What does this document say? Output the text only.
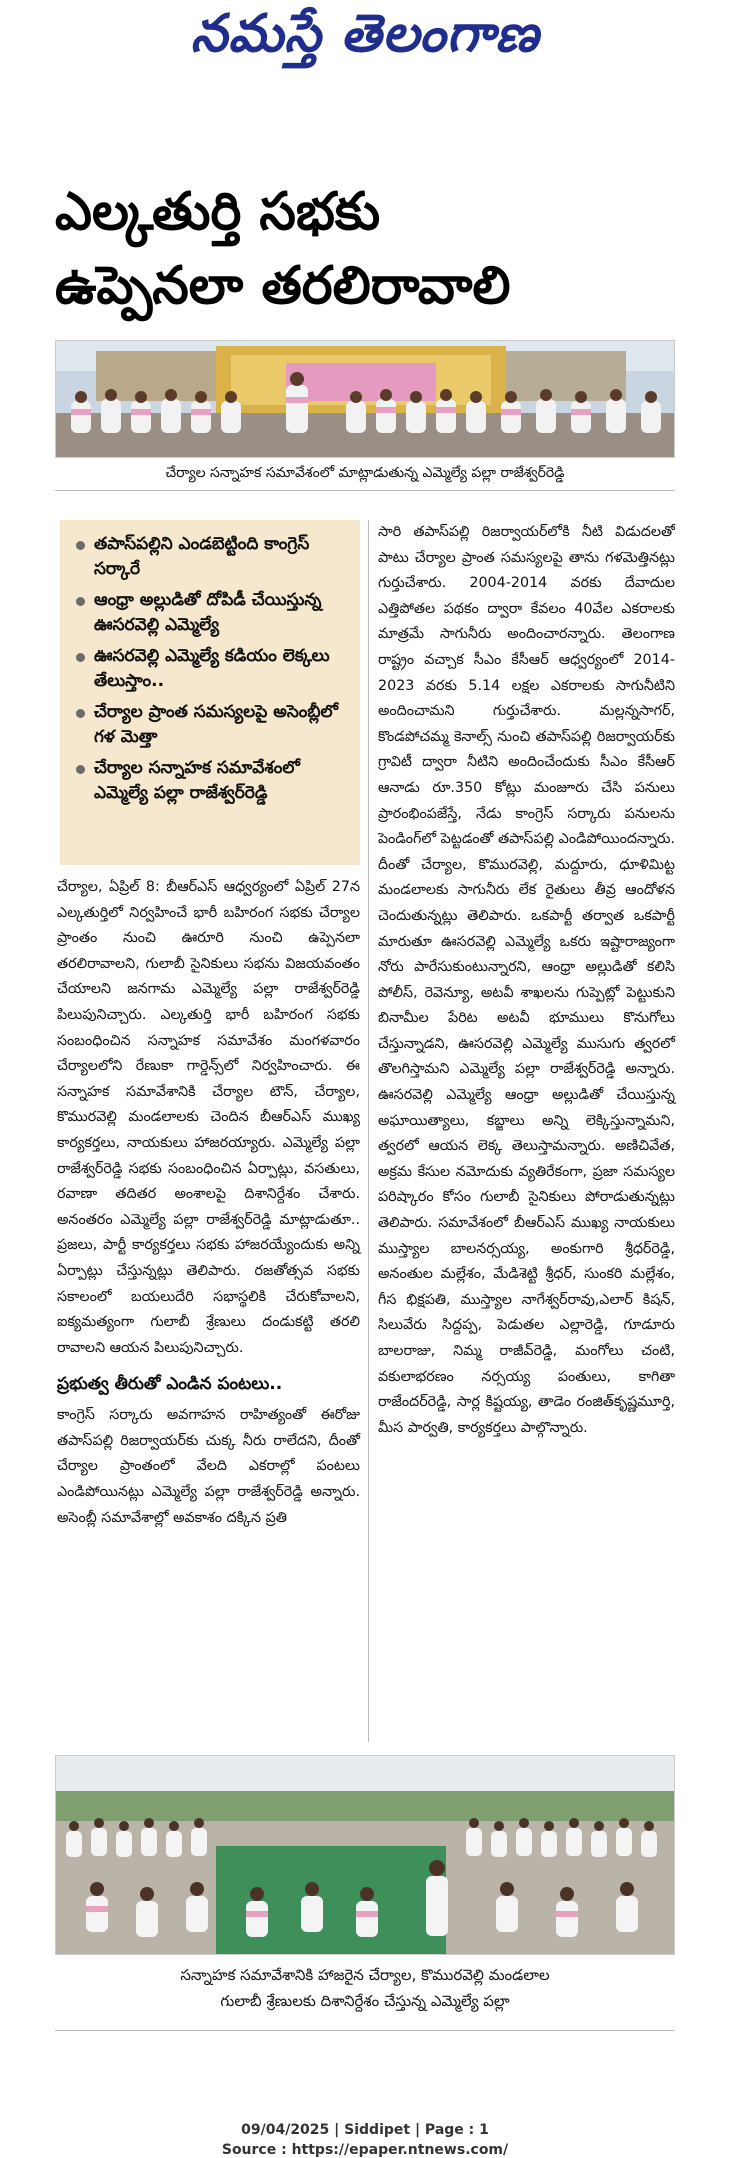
నమస్తే తెలంగాణ
ఎల్కతుర్తి సభకు
ఉప్పెనలా తరలిరావాలి
చేర్యాల సన్నాహక సమావేశంలో మాట్లాడుతున్న ఎమ్మెల్యే పల్లా రాజేశ్వర్‌రెడ్డి
తపాస్‌పల్లిని ఎండబెట్టింది కాంగ్రెస్ సర్కారే
ఆంధ్రా అల్లుడితో దోపిడీ చేయిస్తున్న ఊసరవెల్లి ఎమ్మెల్యే
ఊసరవెల్లి ఎమ్మెల్యే కడియం లెక్కలు తేలుస్తాం..
చేర్యాల ప్రాంత సమస్యలపై అసెంబ్లీలో గళ మెత్తా
చేర్యాల సన్నాహక సమావేశంలో ఎమ్మెల్యే పల్లా రాజేశ్వర్‌రెడ్డి

చేర్యాల, ఏప్రిల్ 8: బీఆర్‌ఎస్ ఆధ్వర్యంలో ఏప్రిల్ 27న ఎల్కతుర్తిలో నిర్వహించే భారీ బహిరంగ సభకు చేర్యాల ప్రాంతం నుంచి ఊరూరి నుంచి ఉప్పెనలా తరలిరావాలని, గులాబీ సైనికులు సభను విజయవంతం చేయాలని జనగామ ఎమ్మెల్యే పల్లా రాజేశ్వర్‌రెడ్డి పిలుపునిచ్చారు. ఎల్కతుర్తి భారీ బహిరంగ సభకు సంబంధించిన సన్నాహక సమావేశం మంగళవారం చేర్యాలలోని రేణుకా గార్డెన్స్‌లో నిర్వహించారు. ఈ సన్నాహక సమావేశానికి చేర్యాల టౌన్, చేర్యాల, కొమురవెల్లి మండలాలకు చెందిన బీఆర్‌ఎస్ ముఖ్య కార్యకర్తలు, నాయకులు హాజరయ్యారు. ఎమ్మెల్యే పల్లా రాజేశ్వర్‌రెడ్డి సభకు సంబంధించిన ఏర్పాట్లు, వసతులు, రవాణా తదితర అంశాలపై దిశానిర్దేశం చేశారు. అనంతరం ఎమ్మెల్యే పల్లా రాజేశ్వర్‌రెడ్డి మాట్లాడుతూ.. ప్రజలు, పార్టీ కార్యకర్తలు సభకు హాజరయ్యేందుకు అన్ని ఏర్పాట్లు చేస్తున్నట్లు తెలిపారు. రజతోత్సవ సభకు సకాలంలో బయలుదేరి సభాస్థలికి చేరుకోవాలని, ఐక్యమత్యంగా గులాబీ శ్రేణులు దండుకట్టి తరలి రావాలని ఆయన పిలుపునిచ్చారు.

ప్రభుత్వ తీరుతో ఎండిన పంటలు..

కాంగ్రెస్ సర్కారు అవగాహన రాహిత్యంతో ఈరోజు తపాస్‌పల్లి రిజర్వాయర్‌కు చుక్క నీరు రాలేదని, దీంతో చేర్యాల ప్రాంతంలో వేలది ఎకరాల్లో పంటలు ఎండిపోయినట్లు ఎమ్మెల్యే పల్లా రాజేశ్వర్‌రెడ్డి అన్నారు. అసెంబ్లీ సమావేశాల్లో అవకాశం దక్కిన ప్రతి

సారి తపాస్‌పల్లి రిజర్వాయర్‌లోకి నీటి విడుదలతో పాటు చేర్యాల ప్రాంత సమస్యలపై తాను గళమెత్తినట్లు గుర్తుచేశారు. 2004-2014 వరకు దేవాదుల ఎత్తిపోతల పథకం ద్వారా కేవలం 40వేల ఎకరాలకు మాత్రమే సాగునీరు అందించారన్నారు. తెలంగాణ రాష్ట్రం వచ్చాక సీఎం కేసీఆర్ ఆధ్వర్యంలో 2014-2023 వరకు 5.14 లక్షల ఎకరాలకు సాగునీటిని అందించామని గుర్తుచేశారు. మల్లన్నసాగర్, కొండపోచమ్మ కెనాల్స్ నుంచి తపాస్‌పల్లి రిజర్వాయర్‌కు గ్రావిటీ ద్వారా నీటిని అందించేందుకు సీఎం కేసీఆర్ ఆనాడు రూ.350 కోట్లు మంజూరు చేసి పనులు ప్రారంభింపజేస్తే, నేడు కాంగ్రెస్ సర్కారు పనులను పెండింగ్‌లో పెట్టడంతో తపాస్‌పల్లి ఎండిపోయిందన్నారు. దీంతో చేర్యాల, కొమురవెల్లి, మద్దూరు, ధూళిమిట్ట మండలాలకు సాగునీరు లేక రైతులు తీవ్ర ఆందోళన చెందుతున్నట్లు తెలిపారు. ఒకపార్టీ తర్వాత ఒకపార్టీ మారుతూ ఊసరవెల్లి ఎమ్మెల్యే ఒకరు ఇష్టారాజ్యంగా నోరు పారేసుకుంటున్నారని, ఆంధ్రా అల్లుడితో కలిసి పోలీస్, రెవెన్యూ, అటవీ శాఖలను గుప్పెట్లో పెట్టుకుని బినామీల పేరిట అటవీ భూములు కొనుగోలు చేస్తున్నాడని, ఊసరవెల్లి ఎమ్మెల్యే ముసుగు త్వరలో తొలగిస్తామని ఎమ్మెల్యే పల్లా రాజేశ్వర్‌రెడ్డి అన్నారు. ఊసరవెల్లి ఎమ్మెల్యే ఆంధ్రా అల్లుడితో చేయిస్తున్న అఘాయిత్యాలు, కబ్జాలు అన్ని లెక్కిస్తున్నామని, త్వరలో ఆయన లెక్క తెలుస్తామన్నారు. అణిచివేత, అక్రమ కేసుల నమోదుకు వ్యతిరేకంగా, ప్రజా సమస్యల పరిష్కారం కోసం గులాబీ సైనికులు పోరాడుతున్నట్లు తెలిపారు. సమావేశంలో బీఆర్‌ఎస్ ముఖ్య నాయకులు ముస్త్యాల బాలనర్సయ్య, అంకుగారి శ్రీధర్‌రెడ్డి, అనంతుల మల్లేశం, మేడిశెట్టి శ్రీధర్, సుంకరి మల్లేశం, గీస భిక్షపతి, ముస్త్యాల నాగేశ్వర్‌రావు,ఎలార్ కిషన్, సిలువేరు సిద్దప్ప, పెడుతల ఎల్లారెడ్డి, గూడూరు బాలరాజు, నిమ్మ రాజీవ్‌రెడ్డి, మంగోలు చంటి, వకులాభరణం నర్సయ్య పంతులు, కాగితా రాజేందర్‌రెడ్డి, సార్ల కిష్టయ్య, తాడెం రంజిత్‌కృష్ణమూర్తి, మీస పార్వతి, కార్యకర్తలు పాల్గొన్నారు.

సన్నాహక సమావేశానికి హాజరైన చేర్యాల, కొమురవెల్లి మండలాల
గులాబీ శ్రేణులకు దిశానిర్దేశం చేస్తున్న ఎమ్మెల్యే పల్లా
09/04/2025 | Siddipet | Page : 1
Source : https://epaper.ntnews.com/
